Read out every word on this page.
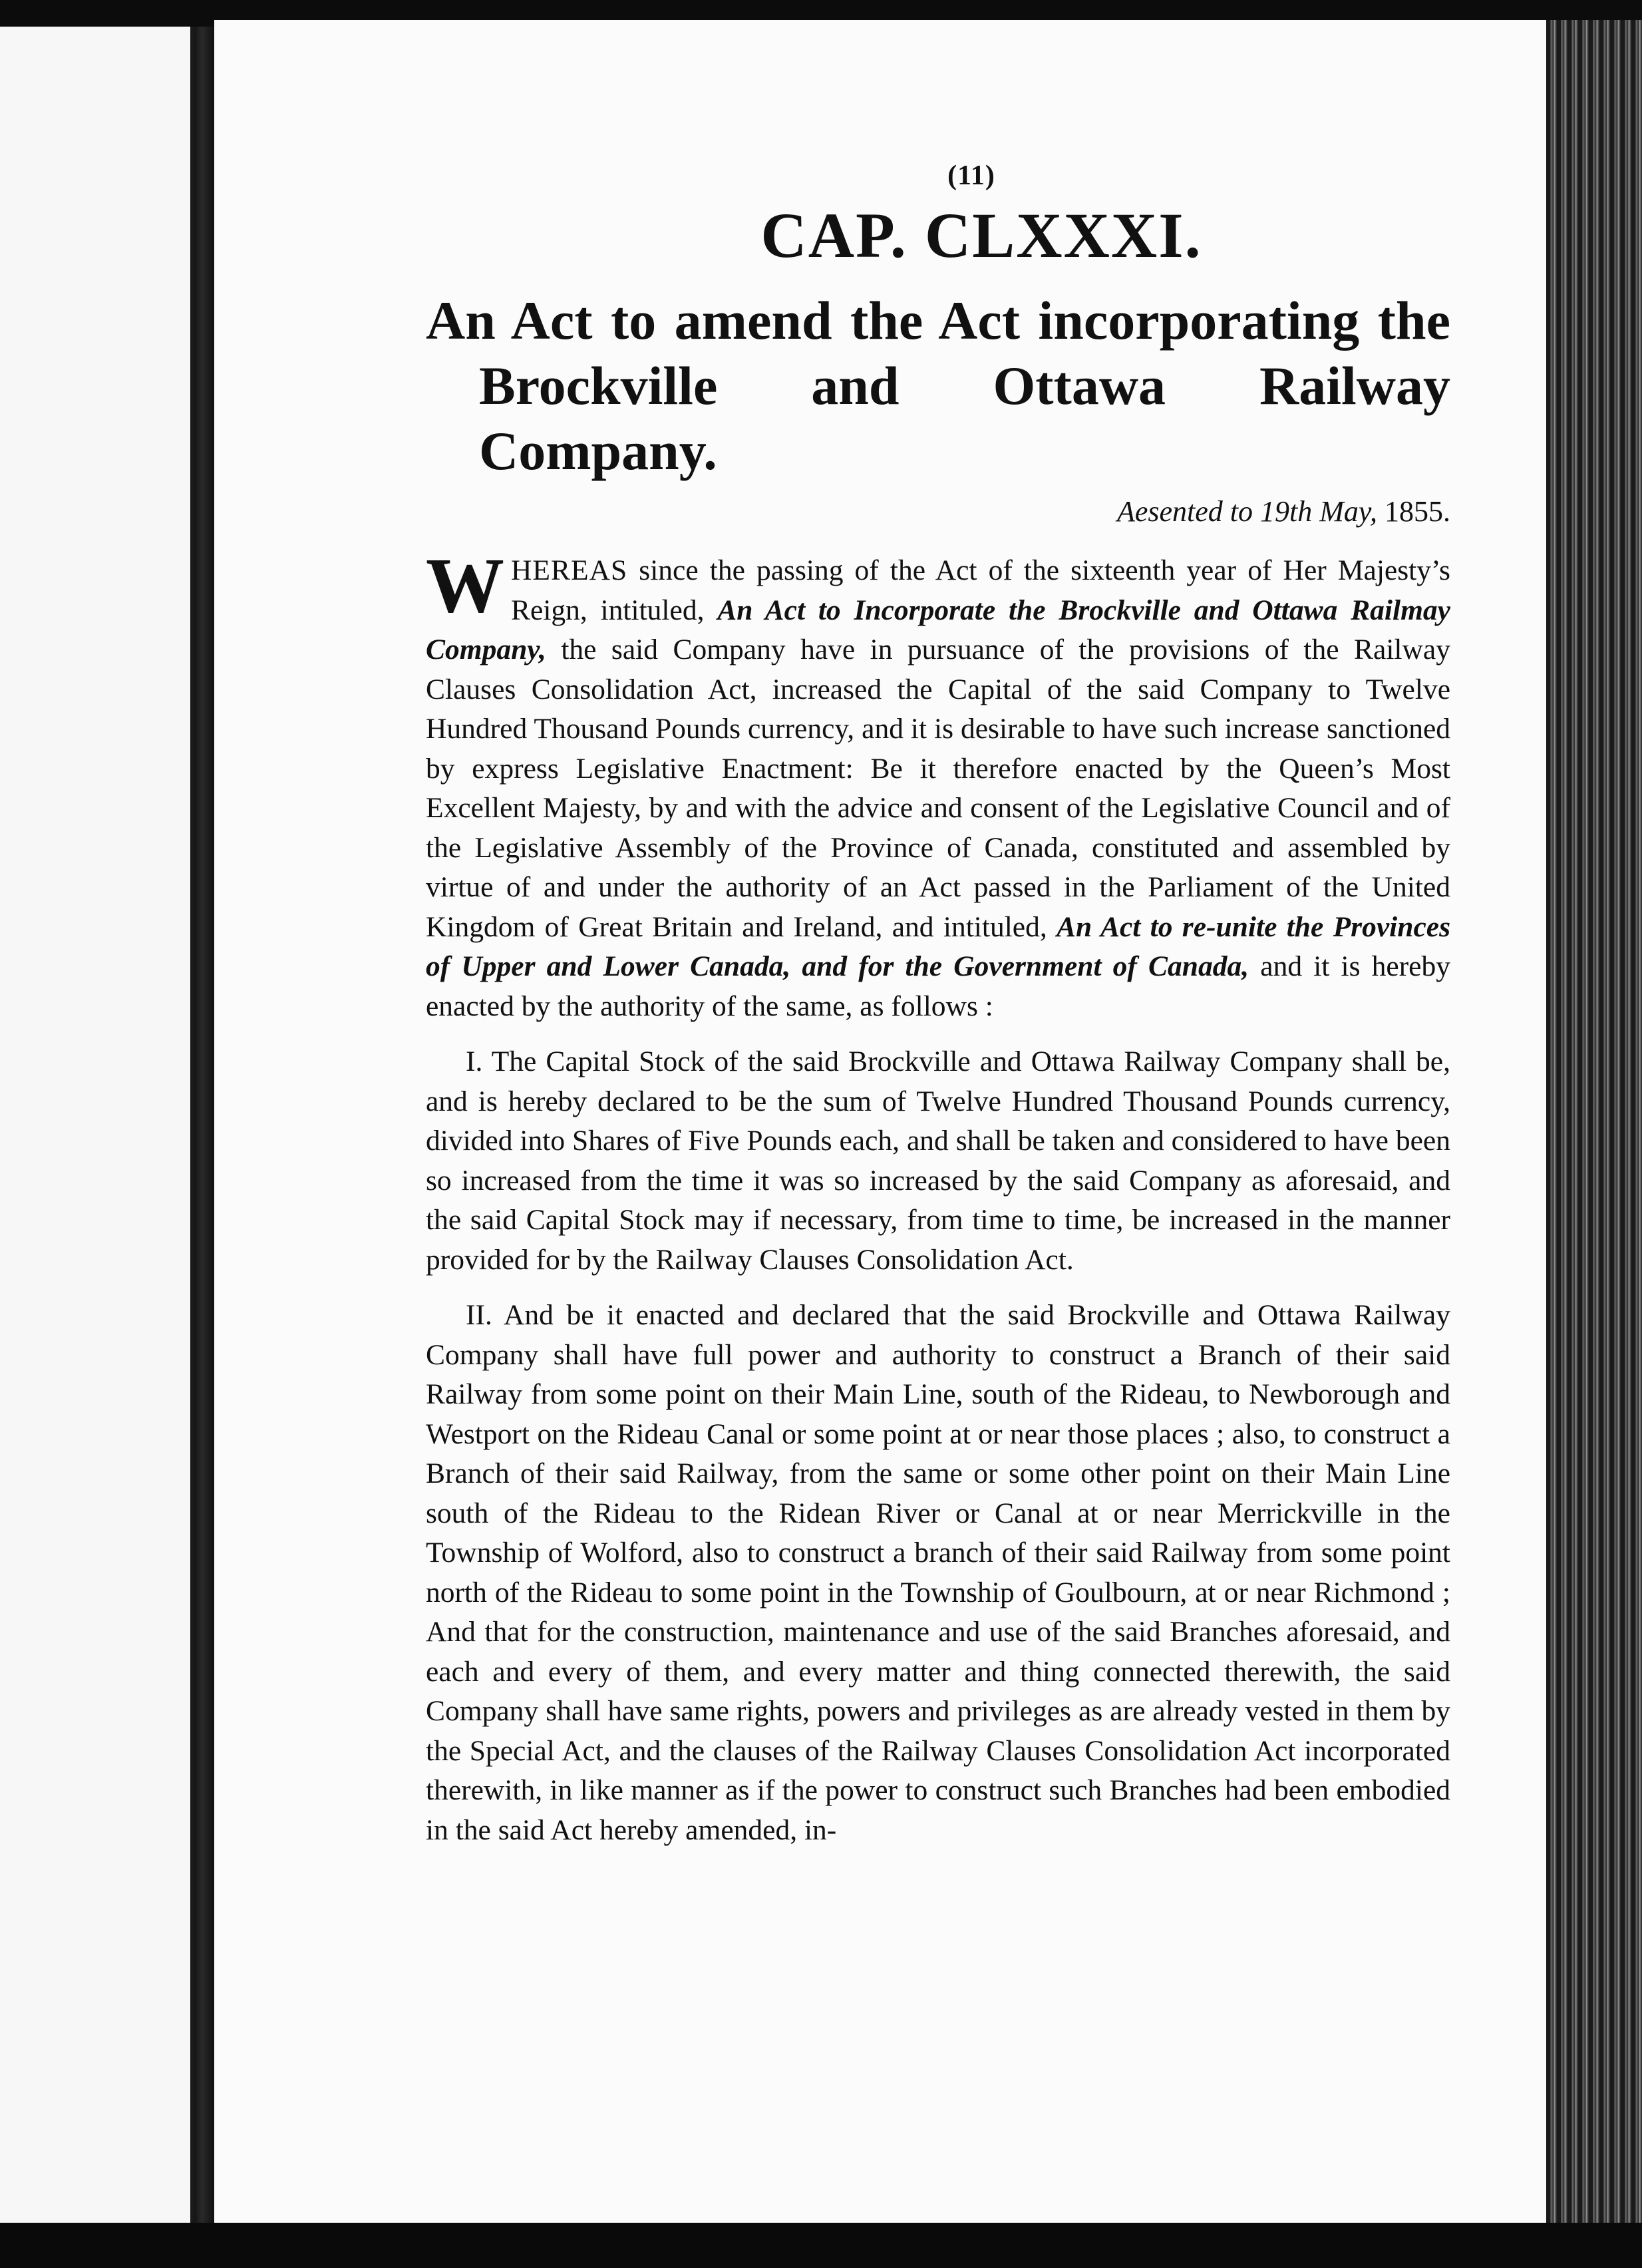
(11)
CAP. CLXXXI.
An Act to amend the Act incorporating the Brockville and Ottawa Railway Company.
Aesented to 19th May, 1855.

WHEREAS since the passing of the Act of the sixteenth year of Her Majesty’s Reign, intituled, An Act to Incorporate the Brockville and Ottawa Railmay Company, the said Company have in pursuance of the provisions of the Railway Clauses Consolidation Act, increased the Capital of the said Company to Twelve Hundred Thousand Pounds currency, and it is desirable to have such increase sanctioned by express Legislative Enactment: Be it therefore enacted by the Queen’s Most Excellent Majesty, by and with the advice and consent of the Legislative Council and of the Legislative Assembly of the Province of Canada, constituted and assembled by virtue of and under the authority of an Act passed in the Parliament of the United Kingdom of Great Britain and Ireland, and intituled, An Act to re-unite the Provinces of Upper and Lower Canada, and for the Government of Canada, and it is hereby enacted by the authority of the same, as follows :

I. The Capital Stock of the said Brockville and Ottawa Railway Company shall be, and is hereby declared to be the sum of Twelve Hundred Thousand Pounds currency, divided into Shares of Five Pounds each, and shall be taken and considered to have been so increased from the time it was so increased by the said Company as aforesaid, and the said Capital Stock may if necessary, from time to time, be increased in the manner provided for by the Railway Clauses Consolidation Act.

II. And be it enacted and declared that the said Brockville and Ottawa Railway Company shall have full power and authority to construct a Branch of their said Railway from some point on their Main Line, south of the Rideau, to Newborough and Westport on the Rideau Canal or some point at or near those places ; also, to construct a Branch of their said Railway, from the same or some other point on their Main Line south of the Rideau to the Ridean River or Canal at or near Merrickville in the Township of Wolford, also to construct a branch of their said Railway from some point north of the Rideau to some point in the Township of Goulbourn, at or near Richmond ; And that for the construction, maintenance and use of the said Branches aforesaid, and each and every of them, and every matter and thing connected therewith, the said Company shall have same rights, powers and privileges as are already vested in them by the Special Act, and the clauses of the Railway Clauses Consolidation Act incorporated therewith, in like manner as if the power to construct such Branches had been embodied in the said Act hereby amended, in-
